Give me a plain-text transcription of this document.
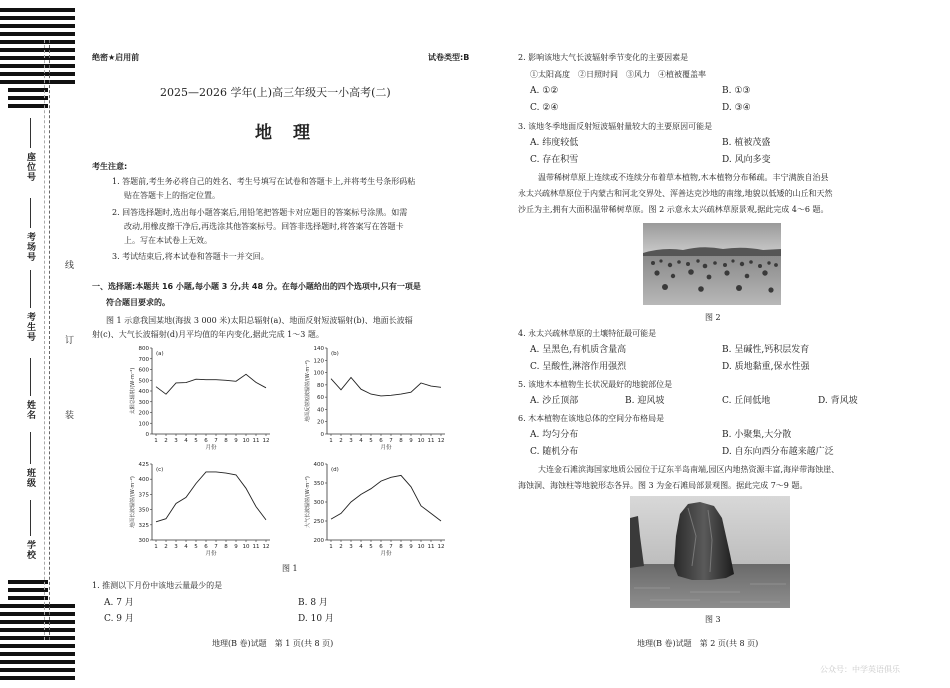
座位号
考场号
考生号
姓名
班级
学校
线
订
装
绝密★启用前	试卷类型:B
2025—2026 学年(上)高三年级天一小高考(二)
地　理
考生注意:
1. 答题前,考生务必将自己的姓名、考生号填写在试卷和答题卡上,并将考生号条形码粘
贴在答题卡上的指定位置。
2. 回答选择题时,选出每小题答案后,用铅笔把答题卡对应题目的答案标号涂黑。如需
改动,用橡皮擦干净后,再选涂其他答案标号。回答非选择题时,将答案写在答题卡
上。写在本试卷上无效。
3. 考试结束后,将本试卷和答题卡一并交回。
一、选择题:本题共 16 小题,每小题 3 分,共 48 分。在每小题给出的四个选项中,只有一项是
符合题目要求的。
图 1 示意我国某地(海拔 3 000 米)太阳总辐射(a)、地面反射短波辐射(b)、地面长波辐
射(c)、大气长波辐射(d)月平均值的年内变化,据此完成 1～3 题。
0
100
200
300
400
500
600
700
800
1 2 3 4 5 6 7 8 9 10 11 12
月份
太阳总辐射/(W·m⁻²)
(a)
0
20
40
60
80
100
120
140
1 2 3 4 5 6 7 8 9 10 11 12
月份
地面反射短波辐射/(W·m⁻²)
(b)
300
325
350
375
400
425
1 2 3 4 5 6 7 8 9 10 11 12
月份
地面长波辐射/(W·m⁻²)
(c)
200
250
300
350
400
1 2 3 4 5 6 7 8 9 10 11 12
月份
大气长波辐射/(W·m⁻²)
(d)
图 1
1. 推测以下月份中该地云量最少的是
A. 7 月	B. 8 月
C. 9 月	D. 10 月
地理(B 卷)试题　第 1 页(共 8 页)
2. 影响该地大气长波辐射季节变化的主要因素是
①太阳高度　②日照时间　③风力　④植被覆盖率
A. ①②	B. ①③
C. ②④	D. ③④
3. 该地冬季地面反射短波辐射量较大的主要原因可能是
A. 纬度较低	B. 植被茂盛
C. 存在积雪	D. 风向多变
温带稀树草原上连续或不连续分布着草本植物,木本植物分布稀疏。丰宁满族自治县
永太兴疏林草原位于内蒙古和河北交界处、浑善达克沙地的南缘,地貌以低矮的山丘和天然
沙丘为主,拥有大面积温带稀树草原。图 2 示意永太兴疏林草原景观,据此完成 4～6 题。
图 2
4. 永太兴疏林草原的土壤特征最可能是
A. 呈黑色,有机质含量高	B. 呈碱性,钙积层发育
C. 呈酸性,淋溶作用强烈	D. 质地黏重,保水性强
5. 该地木本植物生长状况最好的地貌部位是
A. 沙丘顶部	B. 迎风坡	C. 丘间低地	D. 背风坡
6. 木本植物在该地总体的空间分布格局是
A. 均匀分布	B. 小聚集,大分散
C. 随机分布	D. 自东向西分布越来越广泛
大连金石滩滨海国家地质公园位于辽东半岛南端,园区内地热资源丰富,海岸带海蚀崖、
海蚀洞、海蚀柱等地貌形态各异。图 3 为金石滩局部景观图。据此完成 7～9 题。
图 3
地理(B 卷)试题　第 2 页(共 8 页)
公众号：中学英语俱乐
